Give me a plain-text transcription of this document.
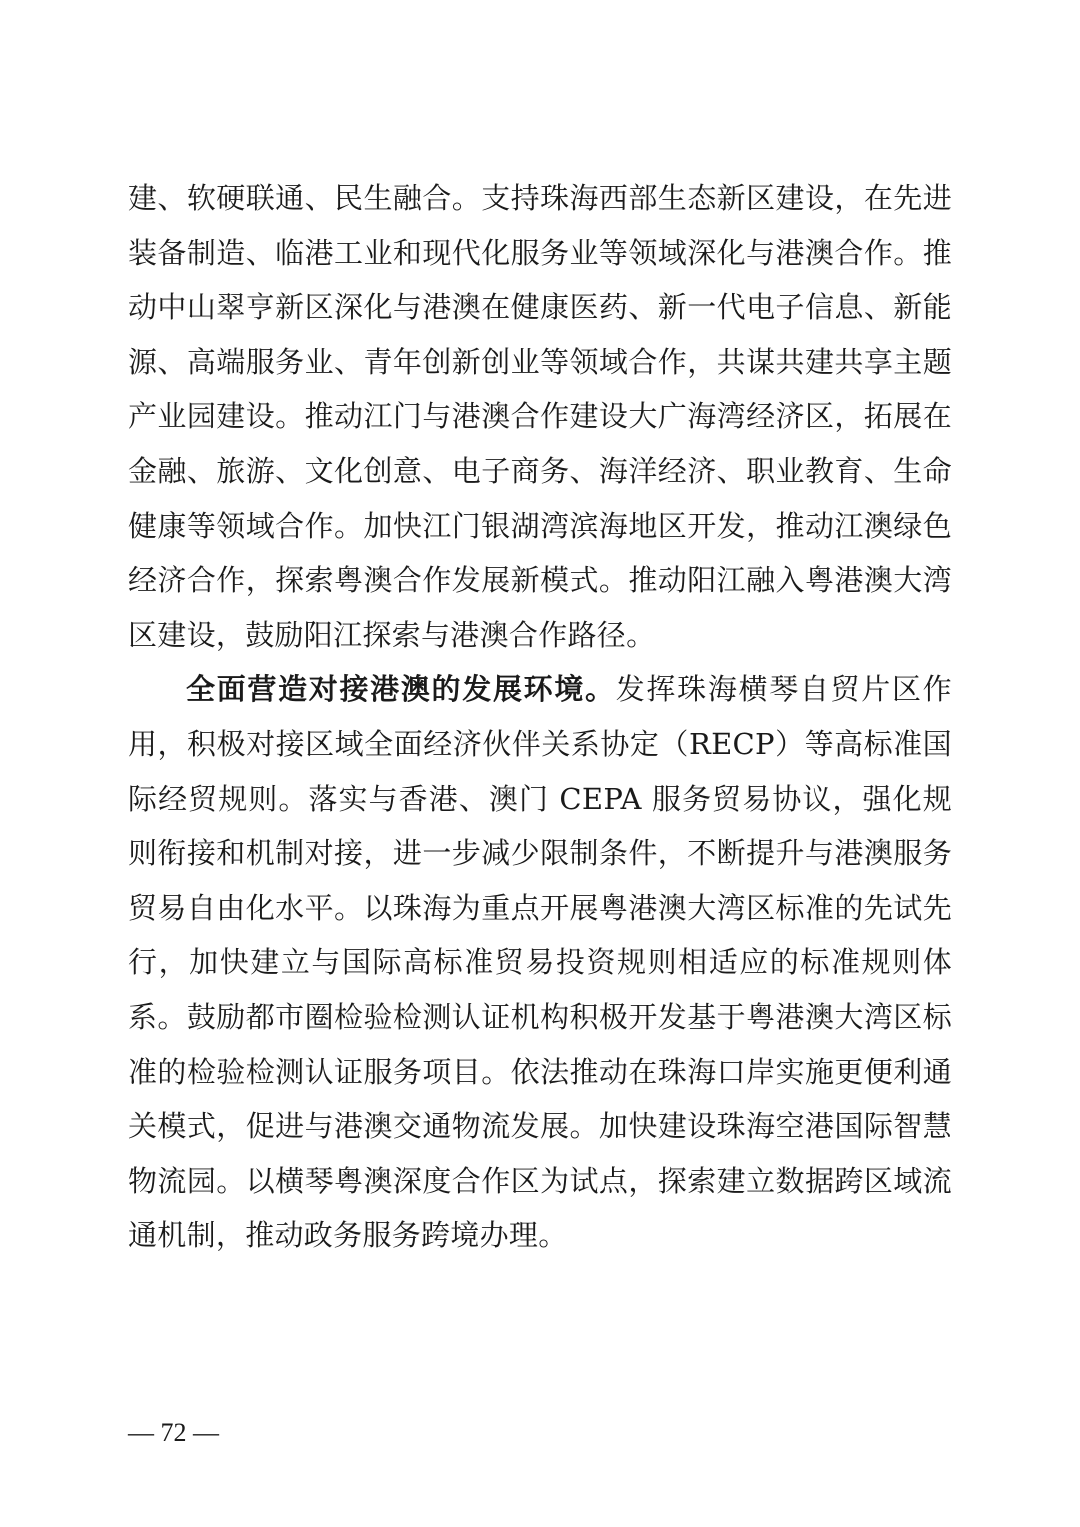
建、软硬联通、民生融合。支持珠海西部生态新区建设，在先进装备制造、临港工业和现代化服务业等领域深化与港澳合作。推动中山翠亨新区深化与港澳在健康医药、新一代电子信息、新能源、高端服务业、青年创新创业等领域合作，共谋共建共享主题产业园建设。推动江门与港澳合作建设大广海湾经济区，拓展在金融、旅游、文化创意、电子商务、海洋经济、职业教育、生命健康等领域合作。加快江门银湖湾滨海地区开发，推动江澳绿色经济合作，探索粤澳合作发展新模式。推动阳江融入粤港澳大湾区建设，鼓励阳江探索与港澳合作路径。

全面营造对接港澳的发展环境。发挥珠海横琴自贸片区作用，积极对接区域全面经济伙伴关系协定（RECP）等高标准国际经贸规则。落实与香港、澳门 CEPA 服务贸易协议，强化规则衔接和机制对接，进一步减少限制条件，不断提升与港澳服务贸易自由化水平。以珠海为重点开展粤港澳大湾区标准的先试先行，加快建立与国际高标准贸易投资规则相适应的标准规则体系。鼓励都市圈检验检测认证机构积极开发基于粤港澳大湾区标准的检验检测认证服务项目。依法推动在珠海口岸实施更便利通关模式，促进与港澳交通物流发展。加快建设珠海空港国际智慧物流园。以横琴粤澳深度合作区为试点，探索建立数据跨区域流通机制，推动政务服务跨境办理。

— 72 —
